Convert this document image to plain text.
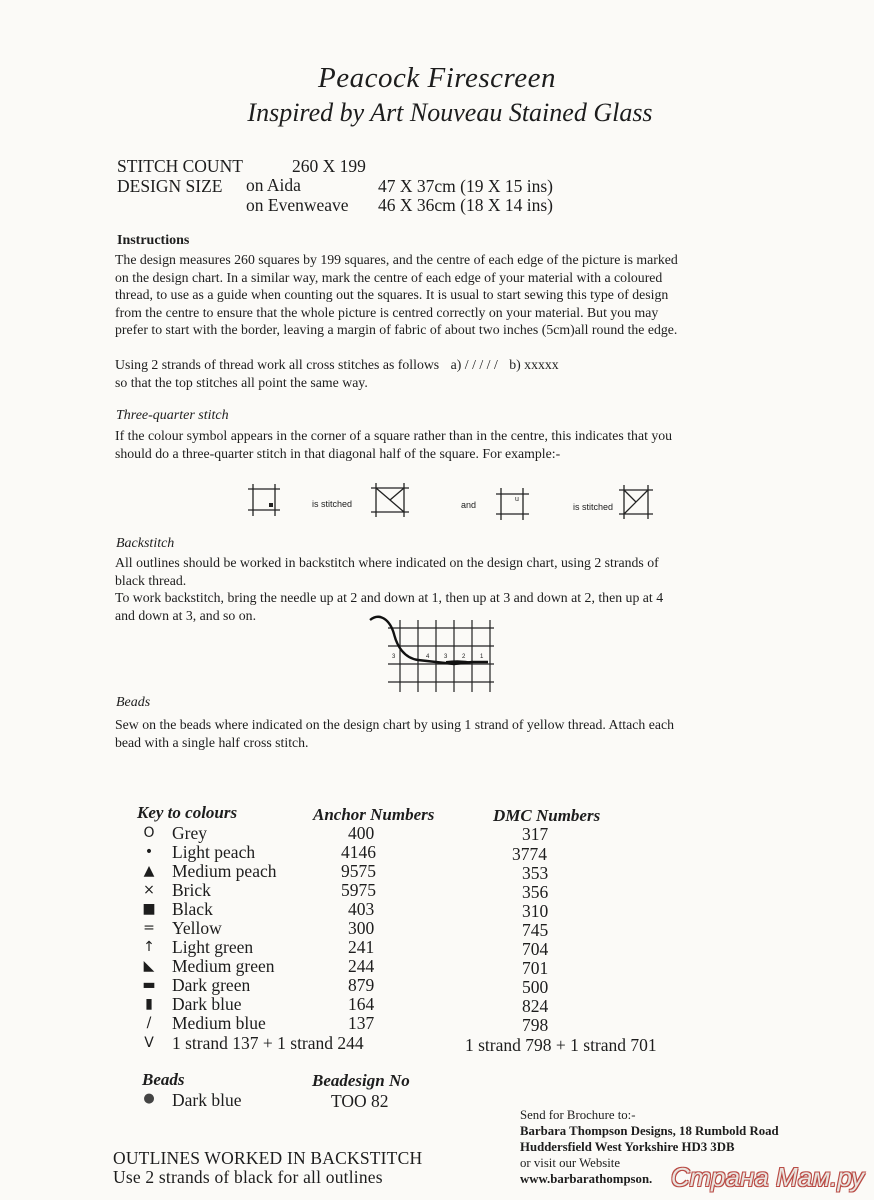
Peacock Firescreen
Inspired by Art Nouveau Stained Glass
STITCH COUNT	260 X 199
DESIGN SIZE on Aida	47 X 37cm (19 X 15 ins)
on Evenweave 46 X 36cm (18 X 14 ins)
Instructions
The design measures 260 squares by 199 squares, and the centre of each edge of the picture is marked
on the design chart. In a similar way, mark the centre of each edge of your material with a coloured
thread, to use as a guide when counting out the squares. It is usual to start sewing this type of design
from the centre to ensure that the whole picture is centred correctly on your material. But you may
prefer to start with the border, leaving a margin of fabric of about two inches (5cm)all round the edge.
Using 2 strands of thread work all cross stitches as follows a) / / / / / b) xxxxx
so that the top stitches all point the same way.
Three-quarter stitch
If the colour symbol appears in the corner of a square rather than in the centre, this indicates that you
should do a three-quarter stitch in that diagonal half of the square. For example:-
is stitched	and
u
is stitched
Backstitch
All outlines should be worked in backstitch where indicated on the design chart, using 2 strands of
black thread.
To work backstitch, bring the needle up at 2 and down at 1, then up at 3 and down at 2, then up at 4
and down at 3, and so on.
3	4 3 2 1
Beads
Sew on the beads where indicated on the design chart by using 1 strand of yellow thread. Attach each
bead with a single half cross stitch.
Key to colours	Anchor Numbers	DMC Numbers
O Grey	400	317
•	Light peach	4146	3774
▲	Medium peach	9575	353
× Brick	5975	356
■ Black	403	310
= Yellow	300	745
↑ Light green	241	704
◣	Medium green	244	701
▬ Dark green	879	500
▮	Dark blue	164	824
/	Medium blue	137	798
V	1 strand 137 + 1 strand 244	1 strand 798 + 1 strand 701
Beads	Beadesign No
● Dark blue	TOO 82
Send for Brochure to:-
Barbara Thompson Designs, 18 Rumbold Road
Huddersfield West Yorkshire HD3 3DB
or visit our Website
www.barbarathompson.
OUTLINES WORKED IN BACKSTITCH
Use 2 strands of black for all outlines	Страна Мам.ру
